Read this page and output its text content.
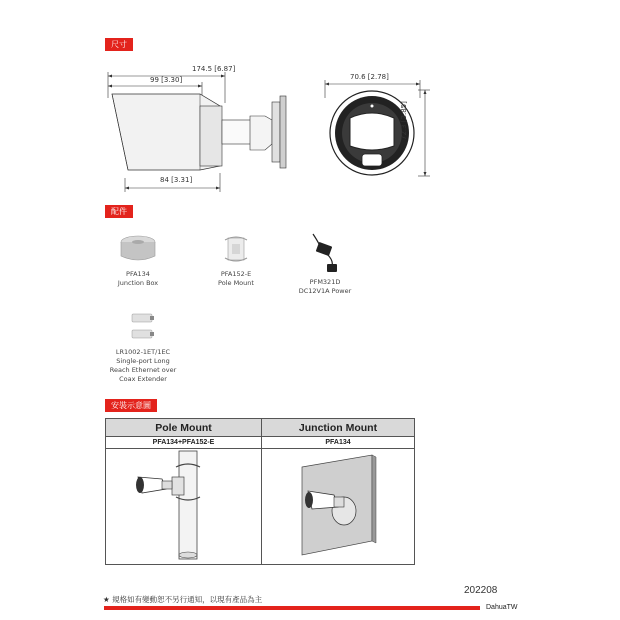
尺寸
配件
安裝示意圖
174.5 [6.87]
99 [3.30]
84 [3.31]
70.6 [2.78]
72.3 [2.85]
PFA134
Junction Box
PFA152-E
Pole Mount	PFM321D
DC12V1A Power
LR1002-1ET/1EC
Single-port Long
Reach Ethernet over
Coax Extender
Pole Mount	Junction Mount
PFA134+PFA152-E	PFA134
★ 規格如有變動恕不另行通知，以現有產品為主
202208
DahuaTW
